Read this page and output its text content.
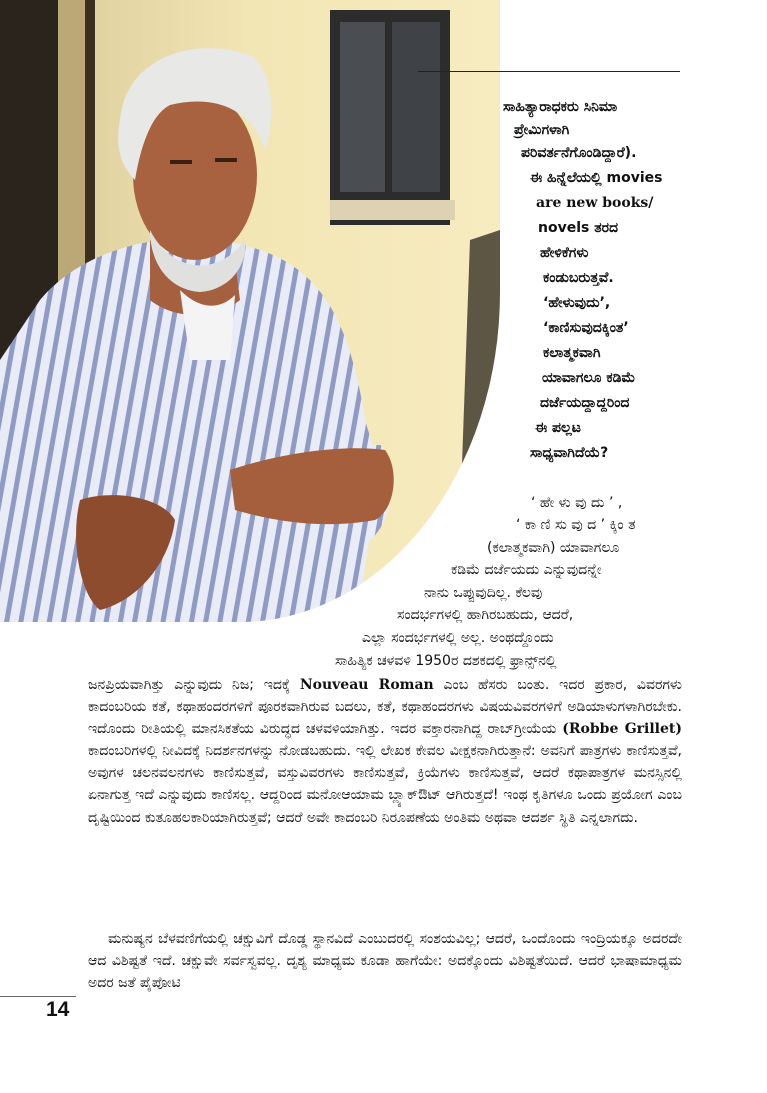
ಸಾಹಿತ್ಯಾರಾಧಕರು ಸಿನಿಮಾ
ಪ್ರೇಮಿಗಳಾಗಿ
ಪರಿವರ್ತನೆಗೊಂಡಿದ್ದಾರೆ).
ಈ ಹಿನ್ನೆಲೆಯಲ್ಲಿ movies
are new books/
novels ತರದ
ಹೇಳಿಕೆಗಳು
ಕಂಡುಬರುತ್ತವೆ.
‘ಹೇಳುವುದು’,
‘ಕಾಣಿಸುವುದಕ್ಕಿಂತ’
ಕಲಾತ್ಮಕವಾಗಿ
ಯಾವಾಗಲೂ ಕಡಿಮೆ
ದರ್ಜೆಯದ್ದಾದ್ದರಿಂದ
ಈ ಪಲ್ಲಟ
ಸಾಧ್ಯವಾಗಿದೆಯೆ?
‘ ಹೇ ಳು ವು ದು ’ ,
‘ ಕಾ ಣಿ ಸು ವು ದ ’ ಕ್ಕಿಂ ತ
(ಕಲಾತ್ಮಕವಾಗಿ) ಯಾವಾಗಲೂ
ಕಡಿಮೆ ದರ್ಜೆಯದು ಎನ್ನುವುದನ್ನೇ
ನಾನು ಒಪ್ಪುವುದಿಲ್ಲ. ಕೆಲವು
ಸಂದರ್ಭಗಳಲ್ಲಿ ಹಾಗಿರಬಹುದು, ಆದರೆ,
ಎಲ್ಲಾ ಸಂದರ್ಭಗಳಲ್ಲಿ ಅಲ್ಲ. ಅಂಥದ್ದೊಂದು
ಸಾಹಿತ್ಯಿಕ ಚಳವಳಿ 1950ರ ದಶಕದಲ್ಲಿ ಫ್ರಾನ್ಸ್‌ನಲ್ಲಿ
ಜನಪ್ರಿಯವಾಗಿತ್ತು ಎನ್ನುವುದು ನಿಜ; ಇದಕ್ಕೆ Nouveau Roman ಎಂಬ ಹೆಸರು ಬಂತು. ಇದರ ಪ್ರಕಾರ, ವಿವರಗಳು ಕಾದಂಬರಿಯ ಕತೆ, ಕಥಾಹಂದರಗಳಿಗೆ ಪೂರಕವಾಗಿರುವ ಬದಲು, ಕತೆ, ಕಥಾಹಂದರಗಳು ವಿಷಯವಿವರಗಳಿಗೆ ಅಡಿಯಾಳುಗಳಾಗಿರಬೇಕು. ಇದೊಂದು ರೀತಿಯಲ್ಲಿ ಮಾನಸಿಕತೆಯ ವಿರುದ್ಧದ ಚಳವಳಿಯಾಗಿತ್ತು. ಇದರ ವಕ್ತಾರನಾಗಿದ್ದ ರಾಬ್‌ಗ್ರೀಯೆಯ (Robbe Grillet) ಕಾದಂಬರಿಗಳಲ್ಲಿ ನೀವಿದಕ್ಕೆ ನಿದರ್ಶನಗಳನ್ನು ನೋಡಬಹುದು. ಇಲ್ಲಿ ಲೇಖಕ ಕೇವಲ ವೀಕ್ಷಕನಾಗಿರುತ್ತಾನೆ: ಅವನಿಗೆ ಪಾತ್ರಗಳು ಕಾಣಿಸುತ್ತವೆ, ಅವುಗಳ ಚಲನವಲನಗಳು ಕಾಣಿಸುತ್ತವೆ, ವಸ್ತುವಿವರಗಳು ಕಾಣಿಸುತ್ತವೆ, ಕ್ರಿಯೆಗಳು ಕಾಣಿಸುತ್ತವೆ, ಆದರೆ ಕಥಾಪಾತ್ರಗಳ ಮನಸ್ಸಿನಲ್ಲಿ ಏನಾಗುತ್ತ ಇದೆ ಎನ್ನುವುದು ಕಾಣಿಸಲ್ಲ. ಆದ್ದರಿಂದ ಮನೋಆಯಾಮ ಬ್ಲ್ಯಾಕ್‌ಔಟ್ ಆಗಿರುತ್ತದೆ! ಇಂಥ ಕೃತಿಗಳೂ ಒಂದು ಪ್ರಯೋಗ ಎಂಬ ದೃಷ್ಟಿಯಿಂದ ಕುತೂಹಲಕಾರಿಯಾಗಿರುತ್ತವೆ; ಆದರೆ ಅವೇ ಕಾದಂಬರಿ ನಿರೂಪಣೆಯ ಅಂತಿಮ ಅಥವಾ ಆದರ್ಶ ಸ್ಥಿತಿ ಎನ್ನಲಾಗದು.
ಮನುಷ್ಯನ ಬೆಳವಣಿಗೆಯಲ್ಲಿ ಚಕ್ಷುವಿಗೆ ದೊಡ್ಡ ಸ್ಥಾನವಿದೆ ಎಂಬುದರಲ್ಲಿ ಸಂಶಯವಿಲ್ಲ; ಆದರೆ, ಒಂದೊಂದು ಇಂದ್ರಿಯಕ್ಕೂ ಅದರದೇ ಆದ ವಿಶಿಷ್ಟತೆ ಇದೆ. ಚಕ್ಷುವೇ ಸರ್ವಸ್ವವಲ್ಲ. ದೃಶ್ಯ ಮಾಧ್ಯಮ ಕೂಡಾ ಹಾಗೆಯೇ: ಅದಕ್ಕೊಂದು ವಿಶಿಷ್ಟತೆಯಿದೆ. ಆದರೆ ಭಾಷಾಮಾಧ್ಯಮ ಅದರ ಜತೆ ಪೈಪೋಟಿ
14
